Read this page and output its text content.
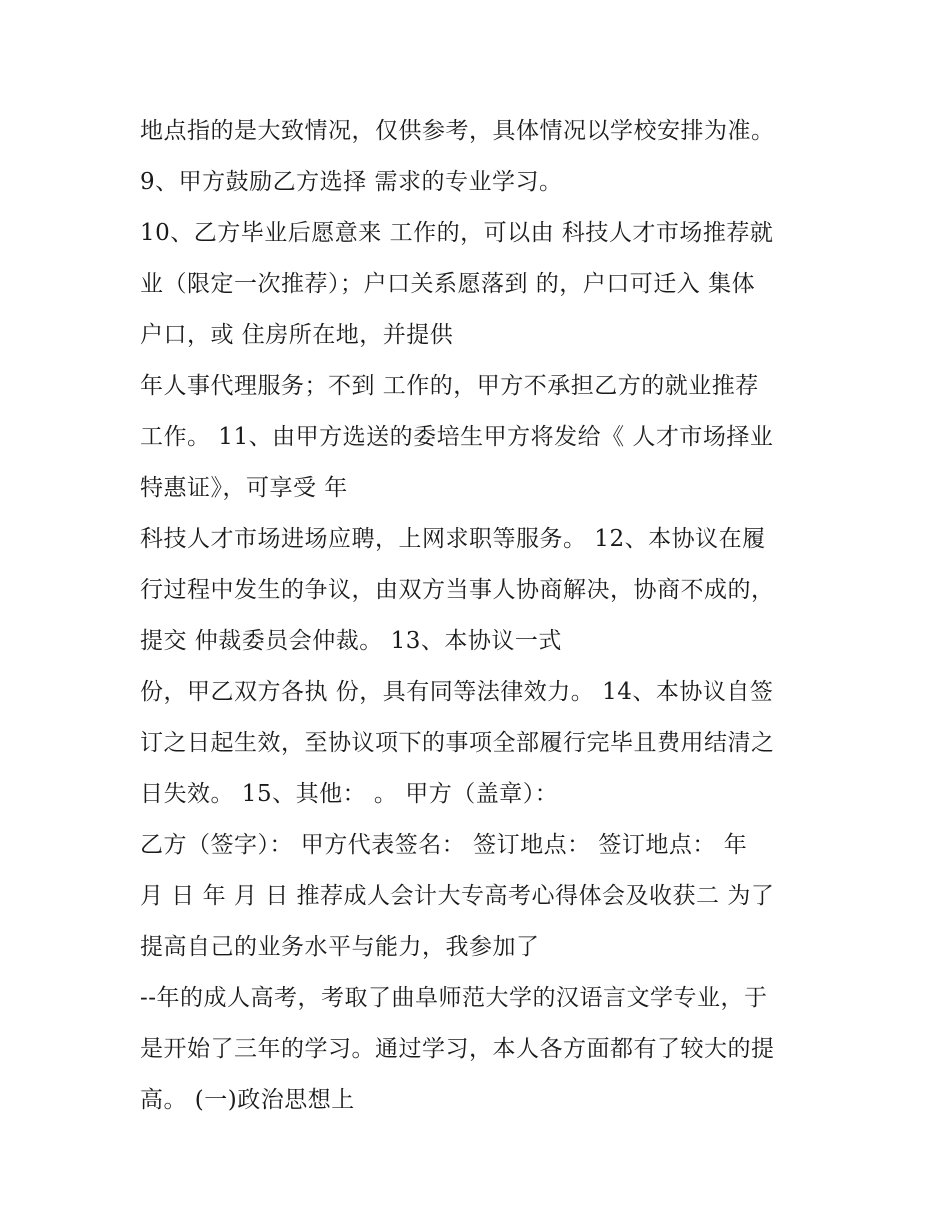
地点指的是大致情况，仅供参考，具体情况以学校安排为准。

9、甲方鼓励乙方选择 需求的专业学习。

10、乙方毕业后愿意来 工作的，可以由 科技人才市场推荐就

业（限定一次推荐）；户口关系愿落到 的，户口可迁入 集体

户口，或 住房所在地，并提供

年人事代理服务；不到 工作的，甲方不承担乙方的就业推荐

工作。 11、由甲方选送的委培生甲方将发给《 人才市场择业

特惠证》，可享受 年

科技人才市场进场应聘，上网求职等服务。 12、本协议在履

行过程中发生的争议，由双方当事人协商解决，协商不成的，

提交 仲裁委员会仲裁。 13、本协议一式

份，甲乙双方各执 份，具有同等法律效力。 14、本协议自签

订之日起生效，至协议项下的事项全部履行完毕且费用结清之

日失效。 15、其他： 。 甲方（盖章）：

乙方（签字）： 甲方代表签名： 签订地点： 签订地点： 年

月 日 年 月 日 推荐成人会计大专高考心得体会及收获二 为了

提高自己的业务水平与能力，我参加了

--年的成人高考，考取了曲阜师范大学的汉语言文学专业，于

是开始了三年的学习。通过学习，本人各方面都有了较大的提

高。 (一)政治思想上
